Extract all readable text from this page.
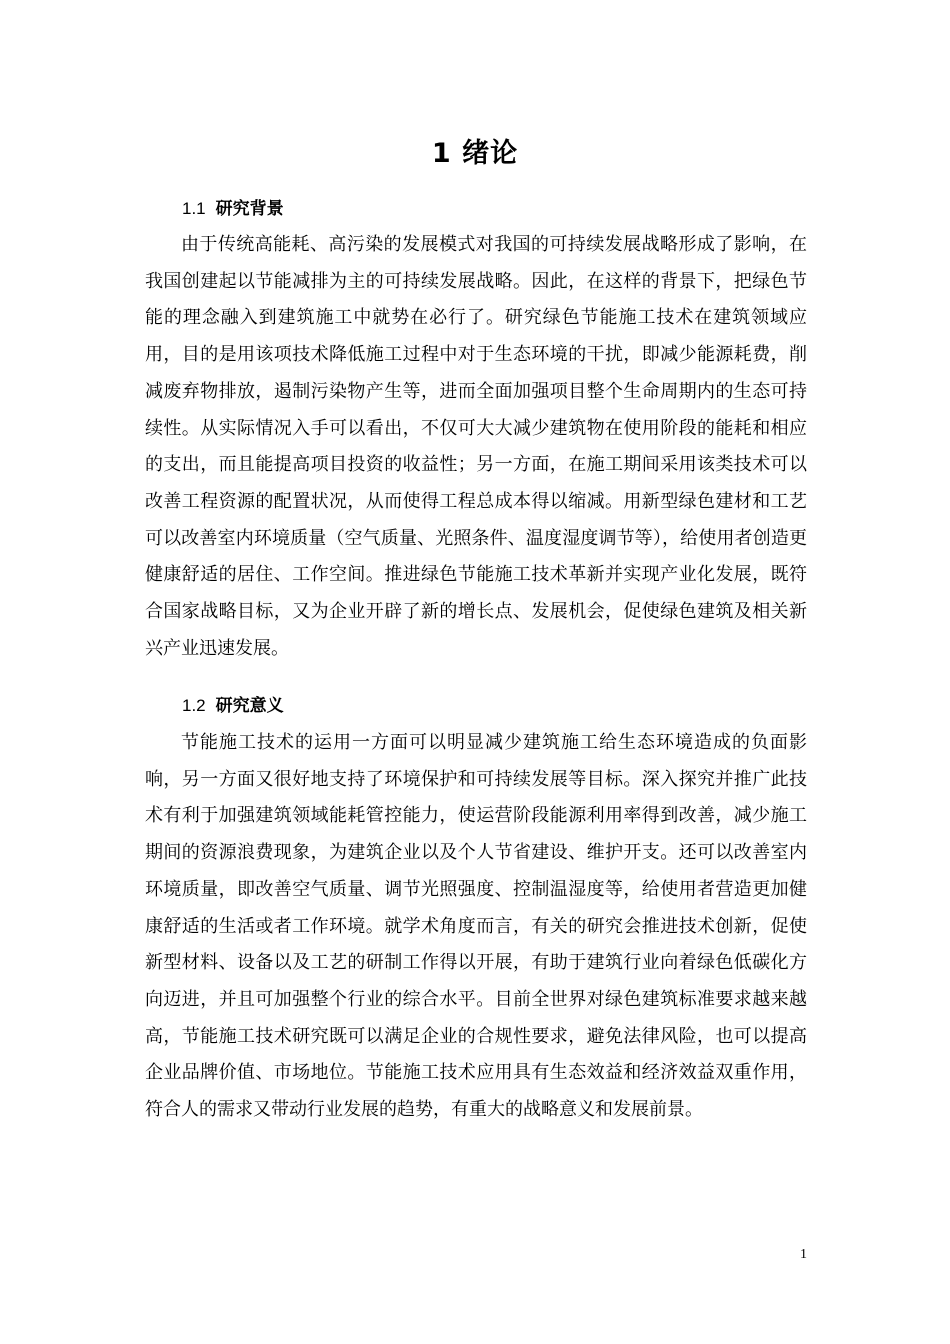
1 绪论
1.1 研究背景

由于传统高能耗、高污染的发展模式对我国的可持续发展战略形成了影响，在我国创建起以节能减排为主的可持续发展战略。因此，在这样的背景下，把绿色节能的理念融入到建筑施工中就势在必行了。研究绿色节能施工技术在建筑领域应用，目的是用该项技术降低施工过程中对于生态环境的干扰，即减少能源耗费，削减废弃物排放，遏制污染物产生等，进而全面加强项目整个生命周期内的生态可持续性。从实际情况入手可以看出，不仅可大大减少建筑物在使用阶段的能耗和相应的支出，而且能提高项目投资的收益性；另一方面，在施工期间采用该类技术可以改善工程资源的配置状况，从而使得工程总成本得以缩减。用新型绿色建材和工艺可以改善室内环境质量（空气质量、光照条件、温度湿度调节等），给使用者创造更健康舒适的居住、工作空间。推进绿色节能施工技术革新并实现产业化发展，既符合国家战略目标，又为企业开辟了新的增长点、发展机会，促使绿色建筑及相关新兴产业迅速发展。

1.2 研究意义

节能施工技术的运用一方面可以明显减少建筑施工给生态环境造成的负面影响，另一方面又很好地支持了环境保护和可持续发展等目标。深入探究并推广此技术有利于加强建筑领域能耗管控能力，使运营阶段能源利用率得到改善，减少施工期间的资源浪费现象，为建筑企业以及个人节省建设、维护开支。还可以改善室内环境质量，即改善空气质量、调节光照强度、控制温湿度等，给使用者营造更加健康舒适的生活或者工作环境。就学术角度而言，有关的研究会推进技术创新，促使新型材料、设备以及工艺的研制工作得以开展，有助于建筑行业向着绿色低碳化方向迈进，并且可加强整个行业的综合水平。目前全世界对绿色建筑标准要求越来越高，节能施工技术研究既可以满足企业的合规性要求，避免法律风险，也可以提高企业品牌价值、市场地位。节能施工技术应用具有生态效益和经济效益双重作用，符合人的需求又带动行业发展的趋势，有重大的战略意义和发展前景。

1
